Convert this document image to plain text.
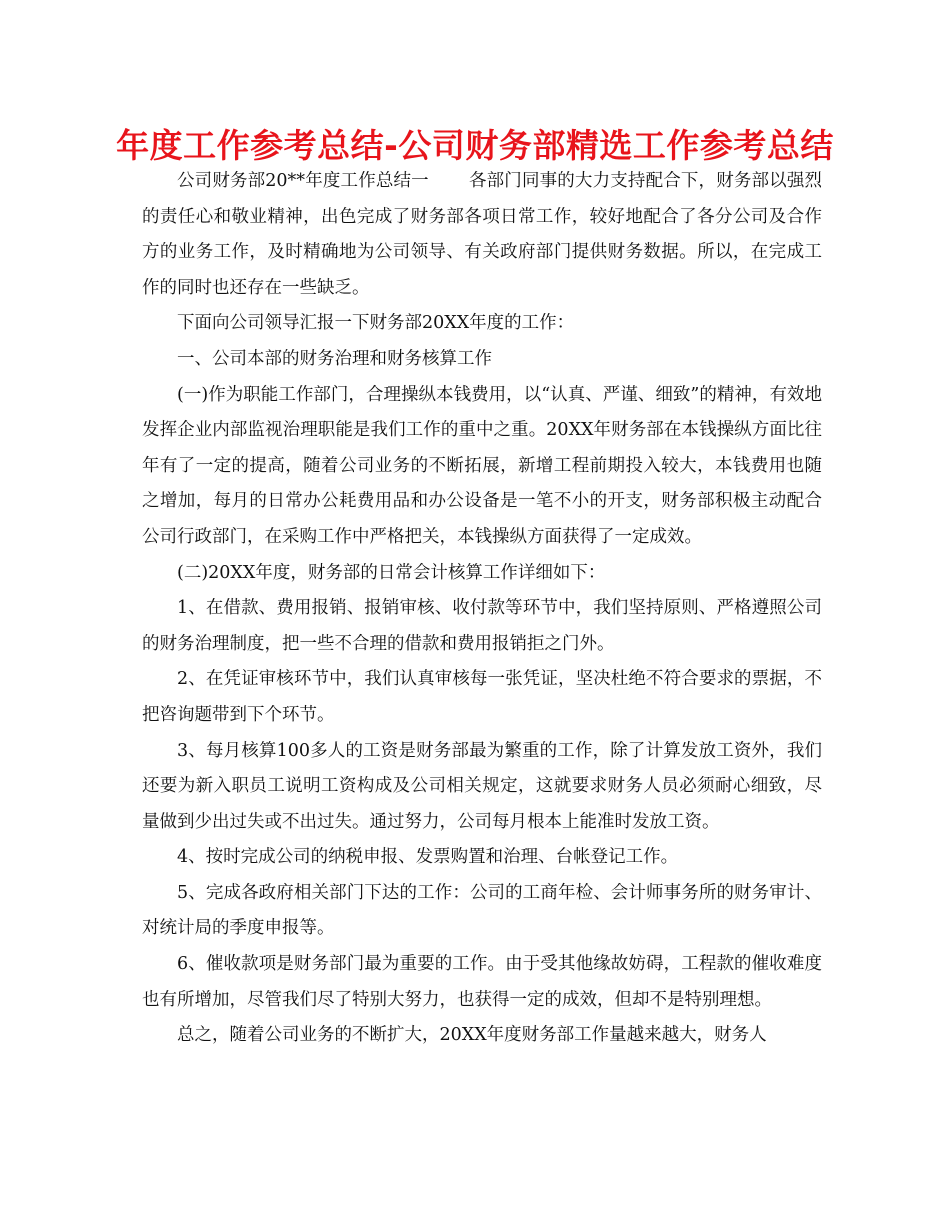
年度工作参考总结-公司财务部精选工作参考总结

公司财务部20**年度工作总结一 各部门同事的大力支持配合下，财务部以强烈的责任心和敬业精神，出色完成了财务部各项日常工作，较好地配合了各分公司及合作方的业务工作，及时精确地为公司领导、有关政府部门提供财务数据。所以，在完成工作的同时也还存在一些缺乏。

下面向公司领导汇报一下财务部20XX年度的工作：

一、公司本部的财务治理和财务核算工作

(一)作为职能工作部门，合理操纵本钱费用，以“认真、严谨、细致”的精神，有效地发挥企业内部监视治理职能是我们工作的重中之重。20XX年财务部在本钱操纵方面比往年有了一定的提高，随着公司业务的不断拓展，新增工程前期投入较大，本钱费用也随之增加，每月的日常办公耗费用品和办公设备是一笔不小的开支，财务部积极主动配合公司行政部门，在采购工作中严格把关，本钱操纵方面获得了一定成效。

(二)20XX年度，财务部的日常会计核算工作详细如下：

1、在借款、费用报销、报销审核、收付款等环节中，我们坚持原则、严格遵照公司的财务治理制度，把一些不合理的借款和费用报销拒之门外。

2、在凭证审核环节中，我们认真审核每一张凭证，坚决杜绝不符合要求的票据，不把咨询题带到下个环节。

3、每月核算100多人的工资是财务部最为繁重的工作，除了计算发放工资外，我们还要为新入职员工说明工资构成及公司相关规定，这就要求财务人员必须耐心细致，尽量做到少出过失或不出过失。通过努力，公司每月根本上能准时发放工资。

4、按时完成公司的纳税申报、发票购置和治理、台帐登记工作。

5、完成各政府相关部门下达的工作：公司的工商年检、会计师事务所的财务审计、对统计局的季度申报等。

6、催收款项是财务部门最为重要的工作。由于受其他缘故妨碍，工程款的催收难度也有所增加，尽管我们尽了特别大努力，也获得一定的成效，但却不是特别理想。

总之，随着公司业务的不断扩大，20XX年度财务部工作量越来越大，财务人
